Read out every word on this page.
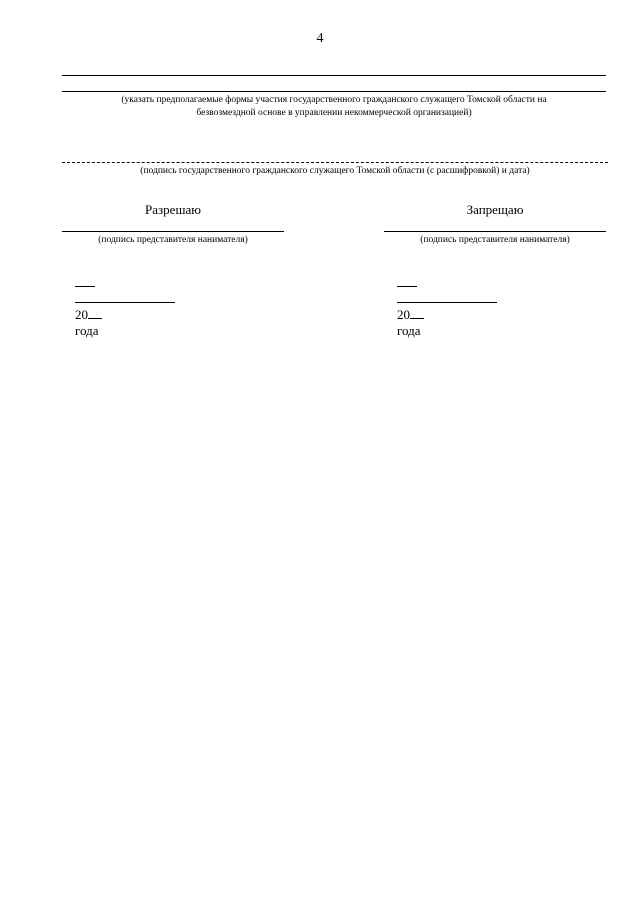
4
(указать предполагаемые формы участия государственного гражданского служащего Томской области на
безвозмездной основе в управлении некоммерческой организацией)
(подпись государственного гражданского служащего Томской области (с расшифровкой) и дата)
Разрешаю
(подпись представителя нанимателя)

20
года

Запрещаю
(подпись представителя нанимателя)

20
года
